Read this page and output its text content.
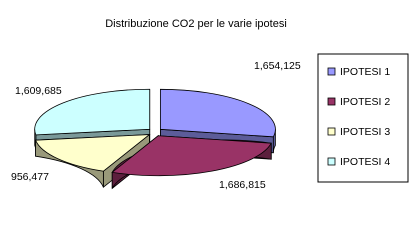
Distribuzione CO2 per le varie ipotesi
1,654,125
1,686,815
956,477
1,609,685
IPOTESI 1
IPOTESI 2
IPOTESI 3
IPOTESI 4
